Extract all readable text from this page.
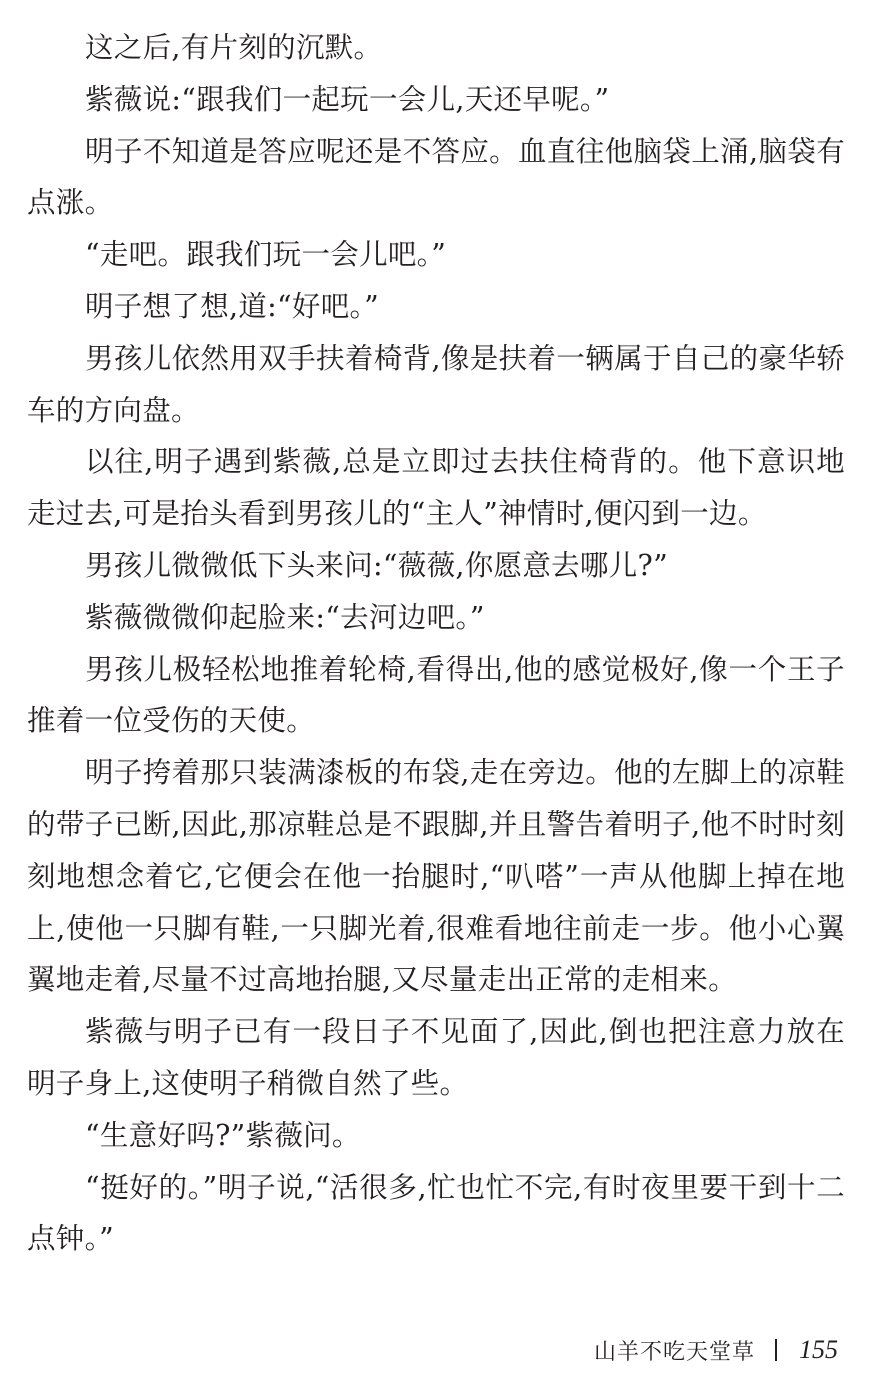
这之后,有片刻的沉默。

紫薇说:“跟我们一起玩一会儿,天还早呢。”

明子不知道是答应呢还是不答应。血直往他脑袋上涌,脑袋有点涨。

“走吧。跟我们玩一会儿吧。”

明子想了想,道:“好吧。”

男孩儿依然用双手扶着椅背,像是扶着一辆属于自己的豪华轿车的方向盘。

以往,明子遇到紫薇,总是立即过去扶住椅背的。他下意识地走过去,可是抬头看到男孩儿的“主人”神情时,便闪到一边。

男孩儿微微低下头来问:“薇薇,你愿意去哪儿?”

紫薇微微仰起脸来:“去河边吧。”

男孩儿极轻松地推着轮椅,看得出,他的感觉极好,像一个王子推着一位受伤的天使。

明子挎着那只装满漆板的布袋,走在旁边。他的左脚上的凉鞋的带子已断,因此,那凉鞋总是不跟脚,并且警告着明子,他不时时刻刻地想念着它,它便会在他一抬腿时,“叭嗒”一声从他脚上掉在地上,使他一只脚有鞋,一只脚光着,很难看地往前走一步。他小心翼翼地走着,尽量不过高地抬腿,又尽量走出正常的走相来。

紫薇与明子已有一段日子不见面了,因此,倒也把注意力放在明子身上,这使明子稍微自然了些。

“生意好吗?”紫薇问。

“挺好的。”明子说,“活很多,忙也忙不完,有时夜里要干到十二点钟。”

山羊不吃天堂草 155
